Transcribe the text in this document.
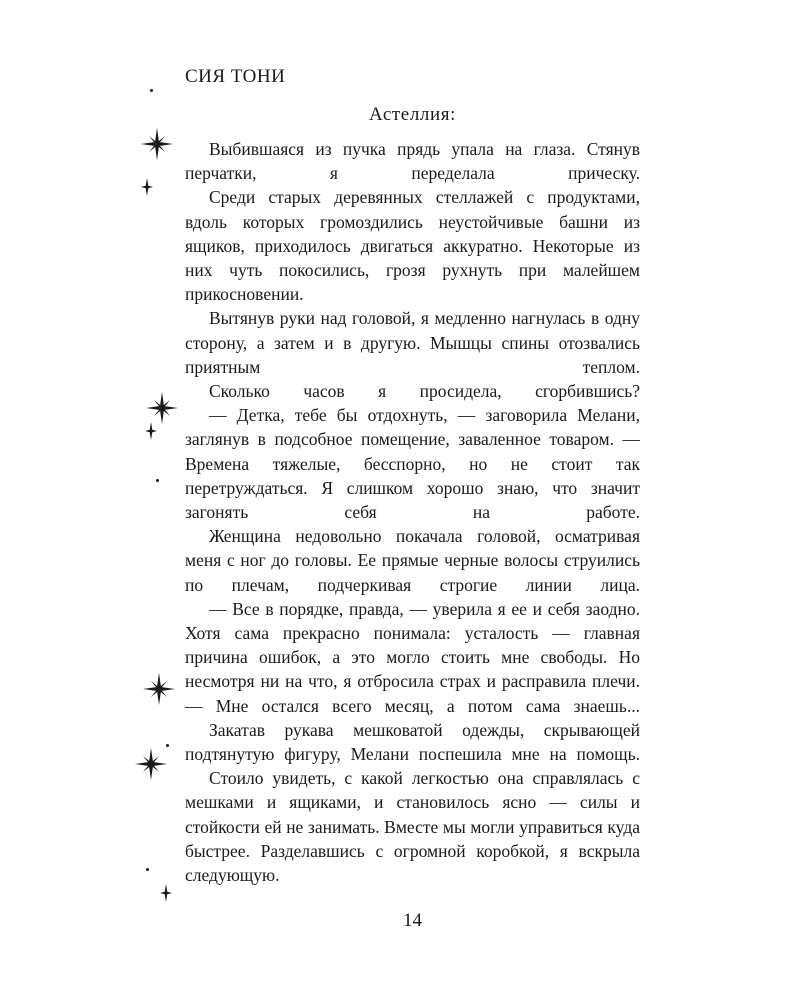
СИЯ ТОНИ
Астеллия:

Выбившаяся из пучка прядь упала на глаза. Стянув перчатки, я переделала прическу.

Среди старых деревянных стеллажей с продуктами, вдоль которых громоздились неустойчивые башни из ящиков, приходилось двигаться аккуратно. Некоторые из них чуть покосились, грозя рухнуть при малейшем прикосновении.

Вытянув руки над головой, я медленно нагнулась в одну сторону, а затем и в другую. Мышцы спины отозвались приятным теплом.

Сколько часов я просидела, сгорбившись?

— Детка, тебе бы отдохнуть, — заговорила Мелани, заглянув в подсобное помещение, заваленное товаром. — Времена тяжелые, бесспорно, но не стоит так перетруждаться. Я слишком хорошо знаю, что значит загонять себя на работе.

Женщина недовольно покачала головой, осматривая меня с ног до головы. Ее прямые черные волосы струились по плечам, подчеркивая строгие линии лица.

— Все в порядке, правда, — уверила я ее и себя заодно. Хотя сама прекрасно понимала: усталость — главная причина ошибок, а это могло стоить мне свободы. Но несмотря ни на что, я отбросила страх и расправила плечи. — Мне остался всего месяц, а потом сама знаешь...

Закатав рукава мешковатой одежды, скрывающей подтянутую фигуру, Мелани поспешила мне на помощь.

Стоило увидеть, с какой легкостью она справлялась с мешками и ящиками, и становилось ясно — силы и стойкости ей не занимать. Вместе мы могли управиться куда быстрее. Разделавшись с огромной коробкой, я вскрыла следующую.

14
